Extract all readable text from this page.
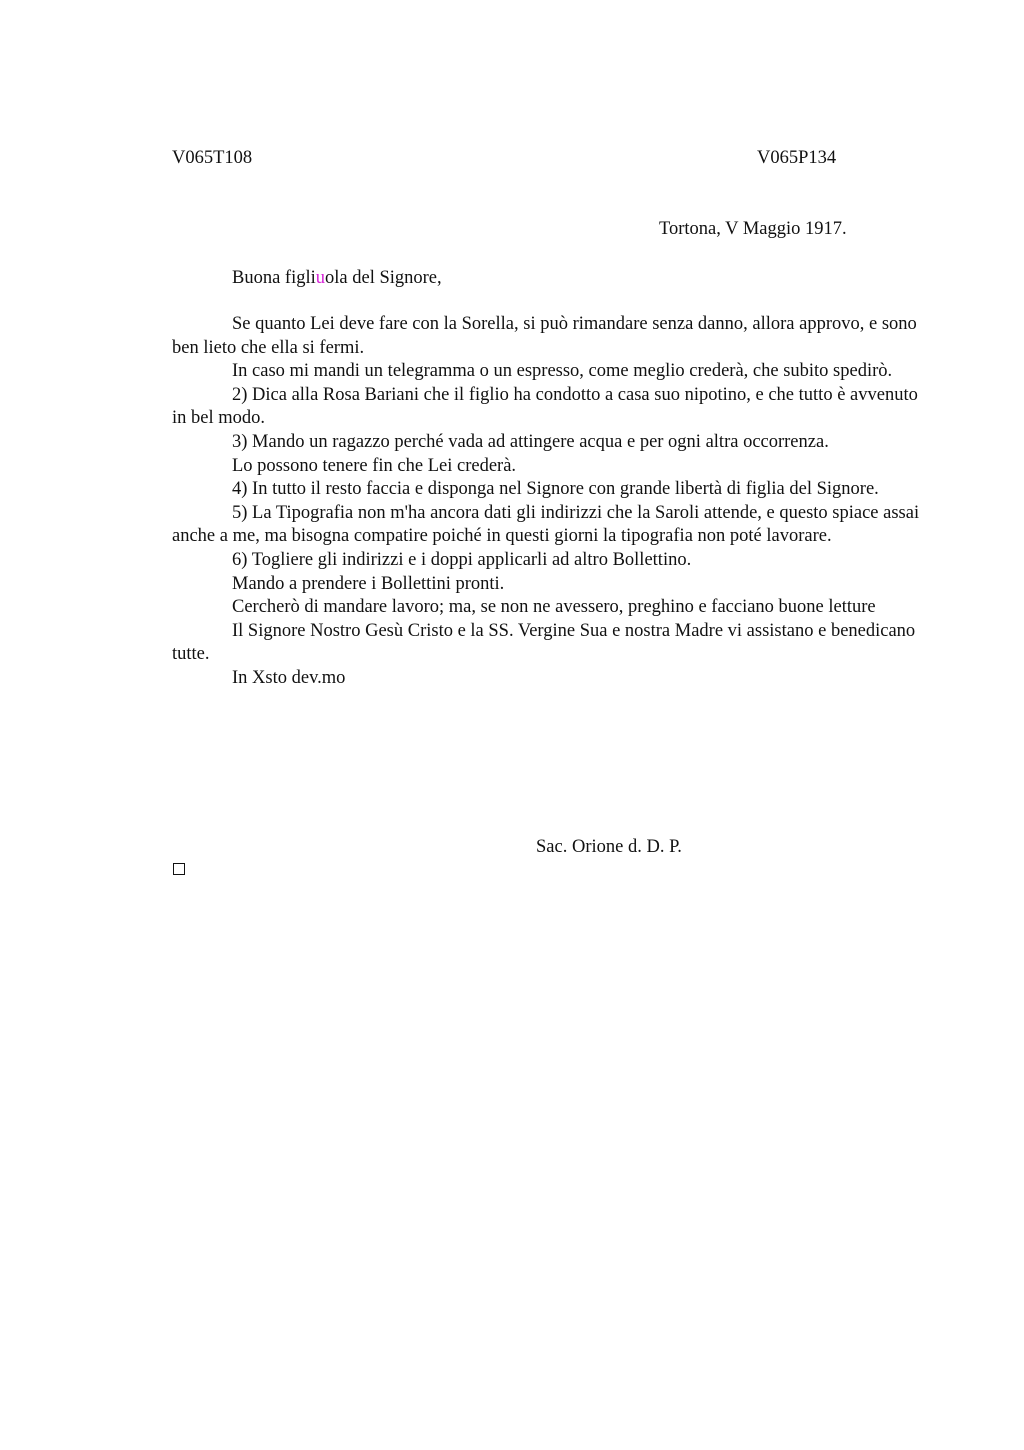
V065T108	V065P134
Tortona, V Maggio 1917.
Buona figliuola del Signore,

Se quanto Lei deve fare con la Sorella, si può rimandare senza danno, allora approvo, e sono ben lieto che ella si fermi.

In caso mi mandi un telegramma o un espresso, come meglio crederà, che subito spedirò.

2) Dica alla Rosa Bariani che il figlio ha condotto a casa suo nipotino, e che tutto è avvenuto in bel modo.

3) Mando un ragazzo perché vada ad attingere acqua e per ogni altra occorrenza.

Lo possono tenere fin che Lei crederà.

4) In tutto il resto faccia e disponga nel Signore con grande libertà di figlia del Signore.

5) La Tipografia non m'ha ancora dati gli indirizzi che la Saroli attende, e questo spiace assai anche a me, ma bisogna compatire poiché in questi giorni la tipografia non poté lavorare.

6) Togliere gli indirizzi e i doppi applicarli ad altro Bollettino.

Mando a prendere i Bollettini pronti.

Cercherò di mandare lavoro; ma, se non ne avessero, preghino e facciano buone letture

Il Signore Nostro Gesù Cristo e la SS. Vergine Sua e nostra Madre vi assistano e benedicano tutte.

In Xsto dev.mo

Sac. Orione d. D. P.
